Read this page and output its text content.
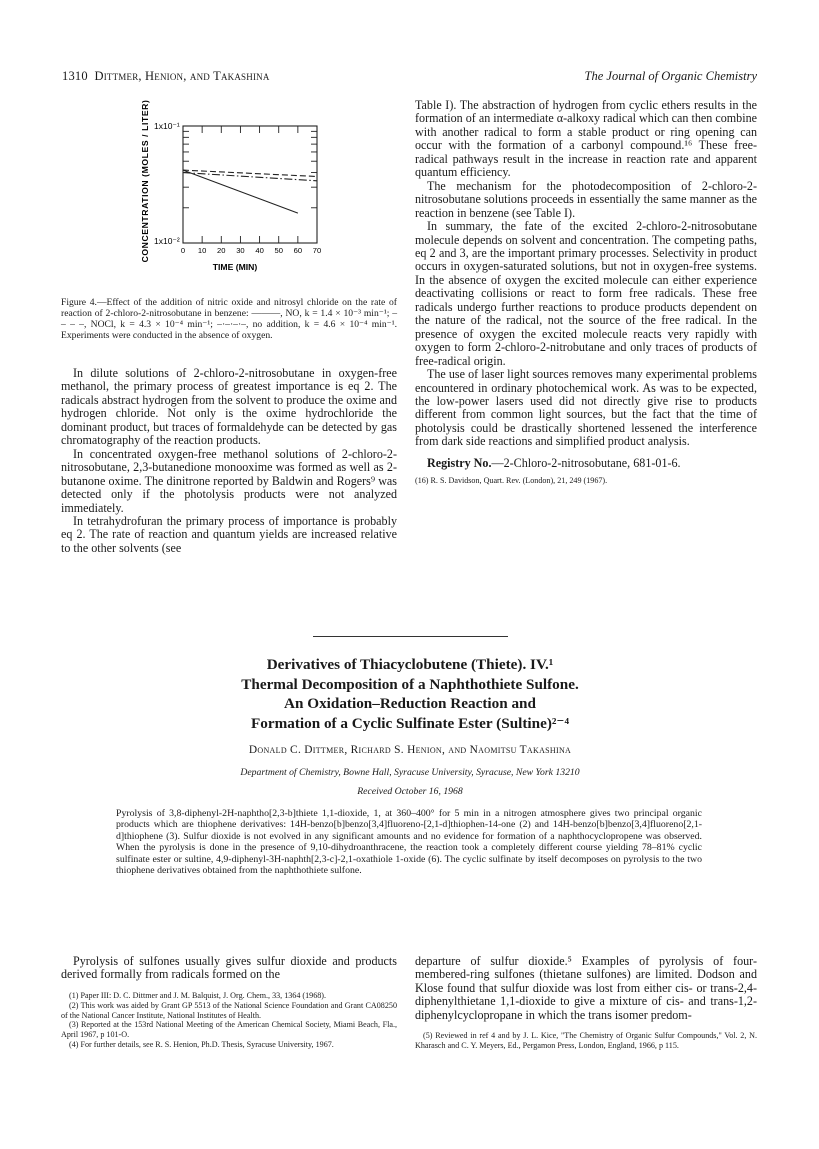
1310 Dittmer, Henion, and Takashina	The Journal of Organic Chemistry
CONCENTRATION (MOLES / LITER) 1x10⁻¹
1x10⁻²
0 10 20 30 40 50 60 70
TIME (MIN)
Figure 4.—Effect of the addition of nitric oxide and nitrosyl chloride on the rate of reaction of 2-chloro-2-nitrosobutane in benzene: ———, NO, k = 1.4 × 10⁻³ min⁻¹; – – – –, NOCl, k = 4.3 × 10⁻⁴ min⁻¹; –·–·–·–, no addition, k = 4.6 × 10⁻⁴ min⁻¹. Experiments were conducted in the absence of oxygen.

In dilute solutions of 2-chloro-2-nitrosobutane in oxygen-free methanol, the primary process of greatest importance is eq 2. The radicals abstract hydrogen from the solvent to produce the oxime and hydrogen chloride. Not only is the oxime hydrochloride the dominant product, but traces of formaldehyde can be detected by gas chromatography of the reaction products.

In concentrated oxygen-free methanol solutions of 2-chloro-2-nitrosobutane, 2,3-butanedione monooxime was formed as well as 2-butanone oxime. The dinitrone reported by Baldwin and Rogers⁹ was detected only if the photolysis products were not analyzed immediately.

In tetrahydrofuran the primary process of importance is probably eq 2. The rate of reaction and quantum yields are increased relative to the other solvents (see

Table I). The abstraction of hydrogen from cyclic ethers results in the formation of an intermediate α-alkoxy radical which can then combine with another radical to form a stable product or ring opening can occur with the formation of a carbonyl compound.¹⁶ These free-radical pathways result in the increase in reaction rate and apparent quantum efficiency.

The mechanism for the photodecomposition of 2-chloro-2-nitrosobutane solutions proceeds in essentially the same manner as the reaction in benzene (see Table I).

In summary, the fate of the excited 2-chloro-2-nitrosobutane molecule depends on solvent and concentration. The competing paths, eq 2 and 3, are the important primary processes. Selectivity in product occurs in oxygen-saturated solutions, but not in oxygen-free systems. In the absence of oxygen the excited molecule can either experience deactivating collisions or react to form free radicals. These free radicals undergo further reactions to produce products dependent on the nature of the radical, not the source of the free radical. In the presence of oxygen the excited molecule reacts very rapidly with oxygen to form 2-chloro-2-nitrobutane and only traces of products of free-radical origin.

The use of laser light sources removes many experimental problems encountered in ordinary photochemical work. As was to be expected, the low-power lasers used did not directly give rise to products different from common light sources, but the fact that the time of photolysis could be drastically shortened lessened the interference from dark side reactions and simplified product analysis.

Registry No.—2-Chloro-2-nitrosobutane, 681-01-6.

(16) R. S. Davidson, Quart. Rev. (London), 21, 249 (1967).
Derivatives of Thiacyclobutene (Thiete). IV.¹
Thermal Decomposition of a Naphthothiete Sulfone.
An Oxidation–Reduction Reaction and
Formation of a Cyclic Sulfinate Ester (Sultine)²⁻⁴
Donald C. Dittmer, Richard S. Henion, and Naomitsu Takashina
Department of Chemistry, Bowne Hall, Syracuse University, Syracuse, New York 13210
Received October 16, 1968
Pyrolysis of 3,8-diphenyl-2H-naphtho[2,3-b]thiete 1,1-dioxide, 1, at 360–400° for 5 min in a nitrogen atmosphere gives two principal organic products which are thiophene derivatives: 14H-benzo[b]benzo[3,4]fluoreno-[2,1-d]thiophen-14-one (2) and 14H-benzo[b]benzo[3,4]fluoreno[2,1-d]thiophene (3). Sulfur dioxide is not evolved in any significant amounts and no evidence for formation of a naphthocyclopropene was observed. When the pyrolysis is done in the presence of 9,10-dihydroanthracene, the reaction took a completely different course yielding 78–81% cyclic sulfinate ester or sultine, 4,9-diphenyl-3H-naphth[2,3-c]-2,1-oxathiole 1-oxide (6). The cyclic sulfinate by itself decomposes on pyrolysis to the two thiophene derivatives obtained from the naphthothiete sulfone.

Pyrolysis of sulfones usually gives sulfur dioxide and products derived formally from radicals formed on the

(1) Paper III: D. C. Dittmer and J. M. Balquist, J. Org. Chem., 33, 1364 (1968).

(2) This work was aided by Grant GP 5513 of the National Science Foundation and Grant CA08250 of the National Cancer Institute, National Institutes of Health.

(3) Reported at the 153rd National Meeting of the American Chemical Society, Miami Beach, Fla., April 1967, p 101-O.

(4) For further details, see R. S. Henion, Ph.D. Thesis, Syracuse University, 1967.

departure of sulfur dioxide.⁵ Examples of pyrolysis of four-membered-ring sulfones (thietane sulfones) are limited. Dodson and Klose found that sulfur dioxide was lost from either cis- or trans-2,4-diphenylthietane 1,1-dioxide to give a mixture of cis- and trans-1,2-diphenylcyclopropane in which the trans isomer predom-

(5) Reviewed in ref 4 and by J. L. Kice, "The Chemistry of Organic Sulfur Compounds," Vol. 2, N. Kharasch and C. Y. Meyers, Ed., Pergamon Press, London, England, 1966, p 115.
